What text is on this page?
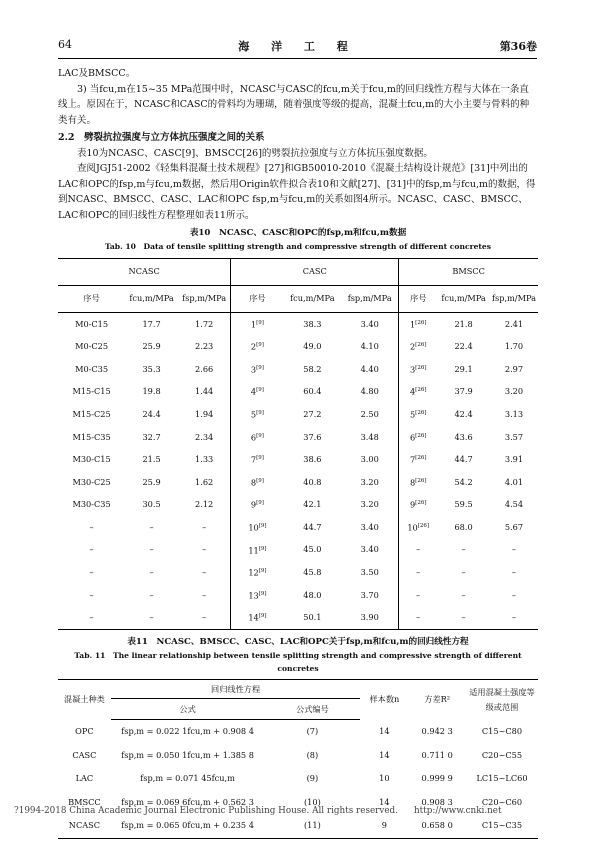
64	海 洋 工 程	第36卷

LAC及BMSCC。

3) 当fcu,m在15~35 MPa范围中时，NCASC与CASC的fcu,m关于fcu,m的回归线性方程与大体在一条直线上。原因在于，NCASC和CASC的骨料均为珊瑚，随着强度等级的提高，混凝土fcu,m的大小主要与骨料的种类有关。

2.2　劈裂抗拉强度与立方体抗压强度之间的关系

表10为NCASC、CASC[9]、BMSCC[26]的劈裂抗拉强度与立方体抗压强度数据。

查阅JGJ51-2002《轻集料混凝土技术规程》[27]和GB50010-2010《混凝土结构设计规范》[31]中列出的LAC和OPC的fsp,m与fcu,m数据，然后用Origin软件拟合表10和文献[27]、[31]中的fsp,m与fcu,m的数据，得到NCASC、BMSCC、CASC、LAC和OPC fsp,m与fcu,m的关系如图4所示。NCASC、CASC、BMSCC、LAC和OPC的回归线性方程整理如表11所示。

表10　NCASC、CASC和OPC的fsp,m和fcu,m数据
Tab. 10　Data of tensile splitting strength and compressive strength of different concretes
NCASC			CASC			BMSCC		
序号	fcu,m/MPa	fsp,m/MPa	序号	fcu,m/MPa	fsp,m/MPa	序号	fcu,m/MPa	fsp,m/MPa
M0-C15	17.7	1.72	1[9]	38.3	3.40	1[26]	21.8	2.41
M0-C25	25.9	2.23	2[9]	49.0	4.10	2[26]	22.4	1.70
M0-C35	35.3	2.66	3[9]	58.2	4.40	3[26]	29.1	2.97
M15-C15	19.8	1.44	4[9]	60.4	4.80	4[26]	37.9	3.20
M15-C25	24.4	1.94	5[9]	27.2	2.50	5[26]	42.4	3.13
M15-C35	32.7	2.34	6[9]	37.6	3.48	6[26]	43.6	3.57
M30-C15	21.5	1.33	7[9]	38.6	3.00	7[26]	44.7	3.91
M30-C25	25.9	1.62	8[9]	40.8	3.20	8[26]	54.2	4.01
M30-C35	30.5	2.12	9[9]	42.1	3.20	9[26]	59.5	4.54
–	–	–	10[9]	44.7	3.40	10[26]	68.0	5.67
–	–	–	11[9]	45.0	3.40	–	–	–
–	–	–	12[9]	45.8	3.50	–	–	–
–	–	–	13[9]	48.0	3.70	–	–	–
–	–	–	14[9]	50.1	3.90	–	–	–
表11　NCASC、BMSCC、CASC、LAC和OPC关于fsp,m和fcu,m的回归线性方程
Tab. 11　The linear relationship between tensile splitting strength and compressive strength of different concretes
混凝土种类	回归线性方程		样本数n	方差R²	适用混凝土强度等级或范围
	公式	公式编号			
OPC	fsp,m = 0.022 1fcu,m + 0.908 4	(7)	14	0.942 3	C15~C80
CASC	fsp,m = 0.050 1fcu,m + 1.385 8	(8)	14	0.711 0	C20~C55
LAC	fsp,m = 0.071 45fcu,m	(9)	10	0.999 9	LC15~LC60
BMSCC	fsp,m = 0.069 6fcu,m + 0.562 3	(10)	14	0.908 3	C20~C60
NCASC	fsp,m = 0.065 0fcu,m + 0.235 4	(11)	9	0.658 0	C15~C35
?1994-2018 China Academic Journal Electronic Publishing House. All rights reserved. http://www.cnki.net
